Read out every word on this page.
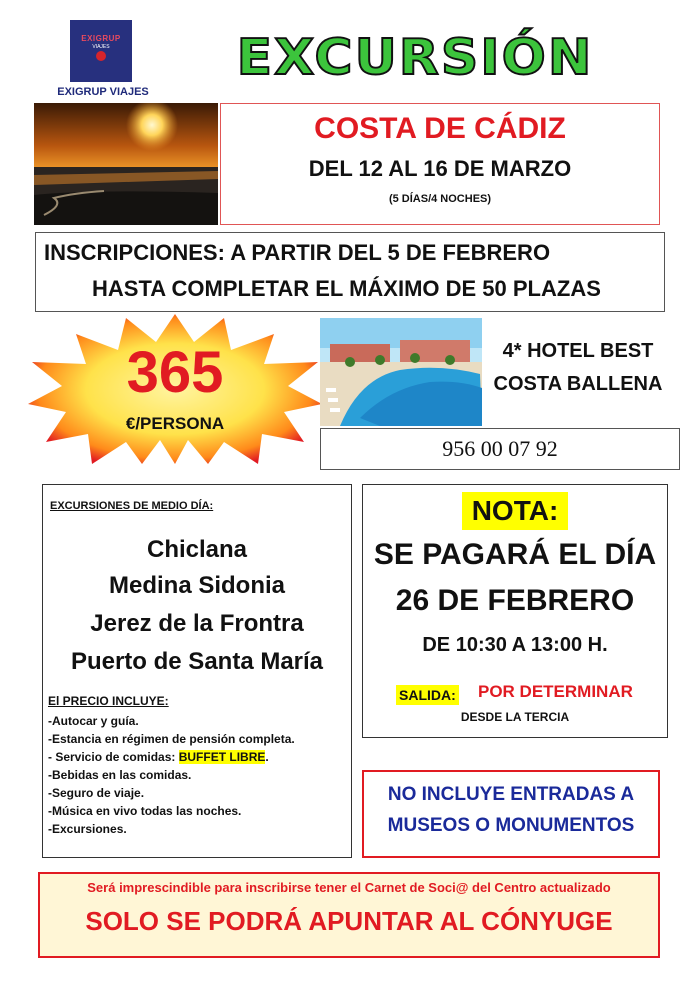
EXIGRUP
VIAJES
EXIGRUP VIAJES
EXCURSIÓN
COSTA DE CÁDIZ
DEL 12 AL 16 DE MARZO
(5 DÍAS/4 NOCHES)
INSCRIPCIONES: A PARTIR DEL 5 DE FEBRERO
HASTA COMPLETAR EL MÁXIMO DE 50 PLAZAS
365
€/PERSONA
4* HOTEL BEST
COSTA BALLENA
956 00 07 92
EXCURSIONES DE MEDIO DÍA:
Chiclana
Medina Sidonia
Jerez de la Frontra
Puerto de Santa María
El PRECIO INCLUYE:
-Autocar y guía.
-Estancia en régimen de pensión completa.
- Servicio de comidas: BUFFET LIBRE.
-Bebidas en las comidas.
-Seguro de viaje.
-Música en vivo todas las noches.
-Excursiones.
NOTA:
SE PAGARÁ EL DÍA
26 DE FEBRERO
DE 10:30 A 13:00 H.
SALIDA: POR DETERMINAR
DESDE LA TERCIA
NO INCLUYE ENTRADAS A
MUSEOS O MONUMENTOS
Será imprescindible para inscribirse tener el Carnet de Soci@ del Centro actualizado
SOLO SE PODRÁ APUNTAR AL CÓNYUGE
